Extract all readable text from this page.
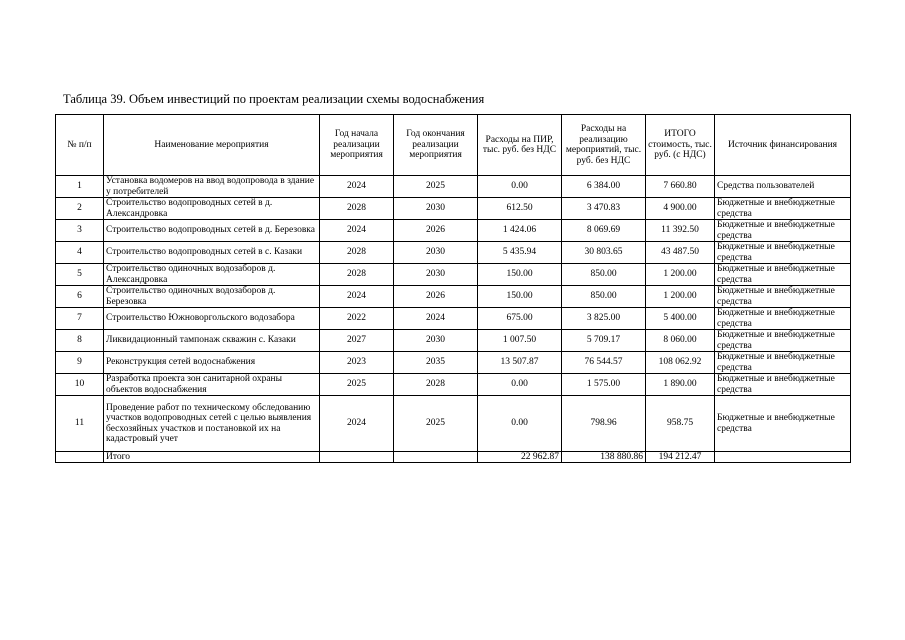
Таблица 39. Объем инвестиций по проектам реализации схемы водоснабжения
№ п/п	Наименование мероприятия	Год начала реализации мероприятия	Год окончания реализации мероприятия	Расходы на ПИР, тыс. руб. без НДС	Расходы на реализацию мероприятий, тыс. руб. без НДС	ИТОГО стоимость, тыс. руб. (с НДС)	Источник финансирования
1	Установка водомеров на ввод водопровода в здание у потребителей	2024	2025	0.00	6 384.00	7 660.80	Средства пользователей
2	Строительство водопроводных сетей в д. Александровка	2028	2030	612.50	3 470.83	4 900.00	Бюджетные и внебюджетные средства
3	Строительство водопроводных сетей в д. Березовка	2024	2026	1 424.06	8 069.69	11 392.50	Бюджетные и внебюджетные средства
4	Строительство водопроводных сетей в с. Казаки	2028	2030	5 435.94	30 803.65	43 487.50	Бюджетные и внебюджетные средства
5	Строительство одиночных водозаборов д. Александровка	2028	2030	150.00	850.00	1 200.00	Бюджетные и внебюджетные средства
6	Строительство одиночных водозаборов д. Березовка	2024	2026	150.00	850.00	1 200.00	Бюджетные и внебюджетные средства
7	Строительство Южноворгольского водозабора	2022	2024	675.00	3 825.00	5 400.00	Бюджетные и внебюджетные средства
8	Ликвидационный тампонаж скважин с. Казаки	2027	2030	1 007.50	5 709.17	8 060.00	Бюджетные и внебюджетные средства
9	Реконструкция сетей водоснабжения	2023	2035	13 507.87	76 544.57	108 062.92	Бюджетные и внебюджетные средства
10	Разработка проекта зон санитарной охраны объектов водоснабжения	2025	2028	0.00	1 575.00	1 890.00	Бюджетные и внебюджетные средства
11	Проведение работ по техническому обследованию участков водопроводных сетей с целью выявления бесхозяйных участков и постановкой их на кадастровый учет	2024	2025	0.00	798.96	958.75	Бюджетные и внебюджетные средства
	Итого			22 962.87	138 880.86	194 212.47	
